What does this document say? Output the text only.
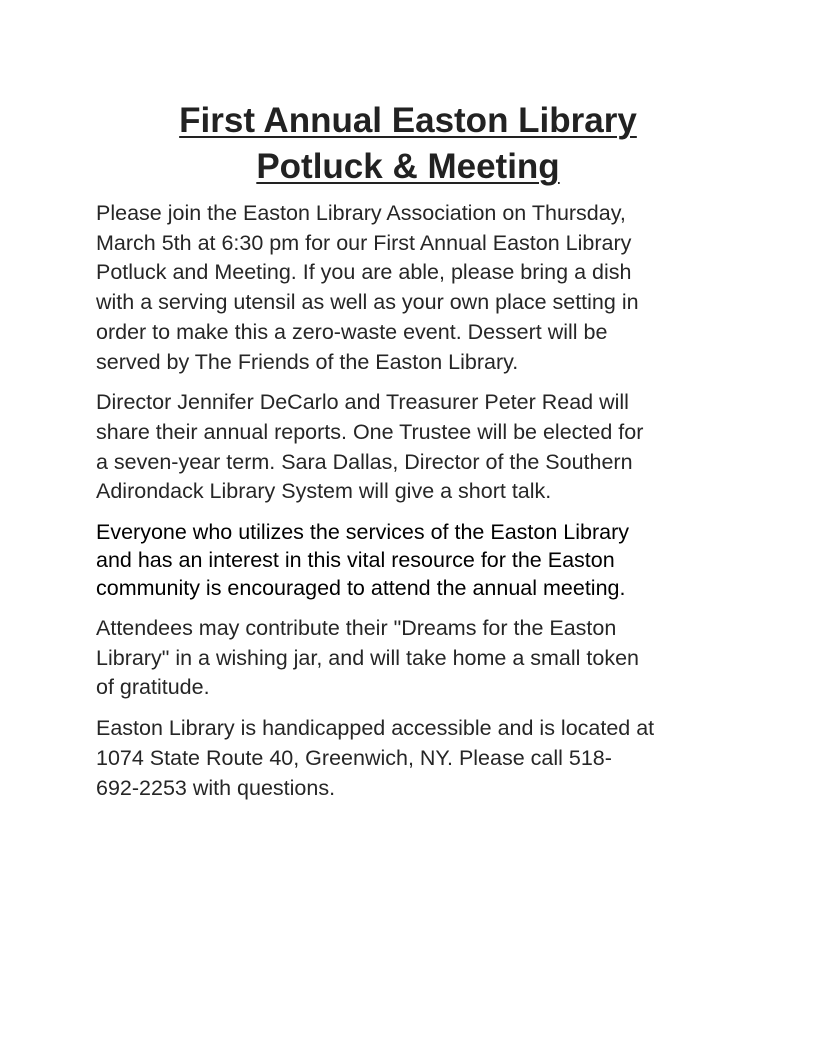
First Annual Easton Library
Potluck & Meeting

Please join the Easton Library Association on Thursday,
March 5th at 6:30 pm for our First Annual Easton Library
Potluck and Meeting. If you are able, please bring a dish
with a serving utensil as well as your own place setting in
order to make this a zero-waste event. Dessert will be
served by The Friends of the Easton Library.

Director Jennifer DeCarlo and Treasurer Peter Read will
share their annual reports. One Trustee will be elected for
a seven-year term. Sara Dallas, Director of the Southern
Adirondack Library System will give a short talk.

Everyone who utilizes the services of the Easton Library
and has an interest in this vital resource for the Easton
community is encouraged to attend the annual meeting.

Attendees may contribute their "Dreams for the Easton
Library" in a wishing jar, and will take home a small token
of gratitude.

Easton Library is handicapped accessible and is located at
1074 State Route 40, Greenwich, NY. Please call 518-
692-2253 with questions.
